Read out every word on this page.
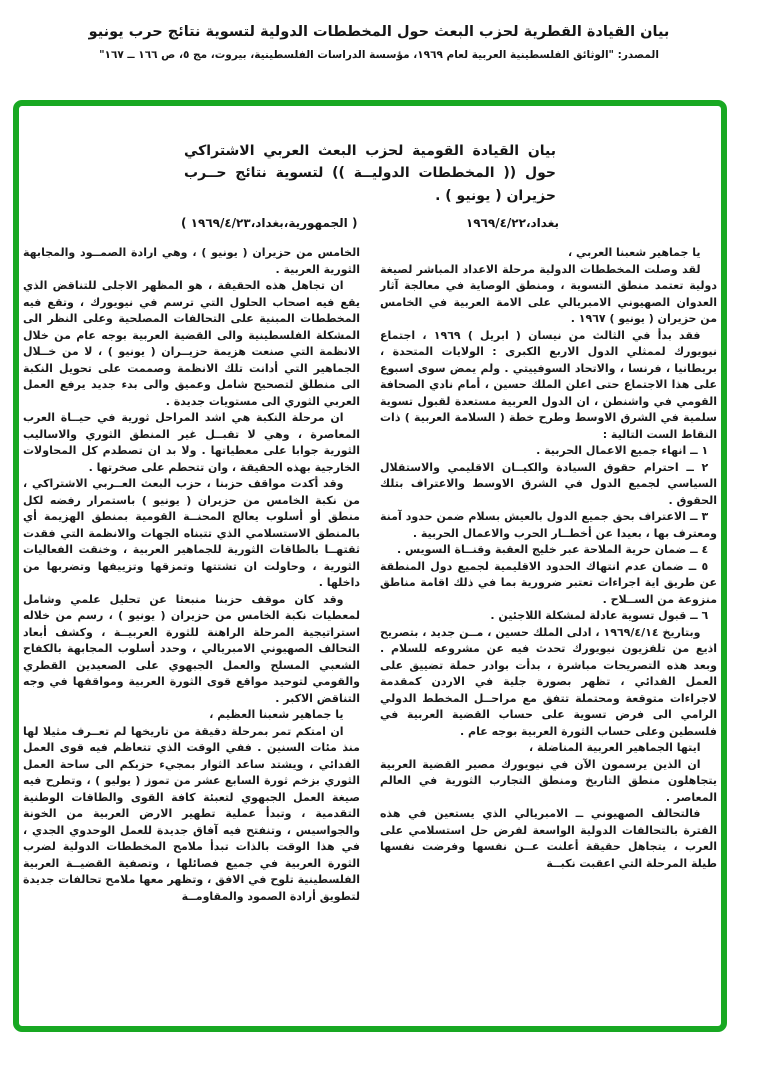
بيان القيادة القطرية لحزب البعث حول المخططات الدولية لتسوية نتائج حرب يونيو
المصدر: "الوثائق الفلسطينية العربية لعام ١٩٦٩، مؤسسة الدراسات الفلسطينية، بيروت، مج ٥، ص ١٦٦ ــ ١٦٧"
بيان القيادة القومية لحزب البعث العربي الاشتراكي حول (( المخططات الدوليــة )) لتسوية نتائج حــرب حزيران ( يونيو ) .
بغداد،١٩٦٩/٤/٢٢
( الجمهورية،بغداد،١٩٦٩/٤/٢٣ )

يا جماهير شعبنا العربي ،

لقد وصلت المخططات الدولية مرحلة الاعداد المباشر لصيغة دولية تعتمد منطق التسوية ، ومنطق الوصاية في معالجة آثار العدوان الصهيوني الامبريالي على الامة العربية في الخامس من حزيران ( يونيو ) ١٩٦٧ .

فقد بدأ في الثالث من نيسان ( ابريل ) ١٩٦٩ ، اجتماع نيويورك لممثلي الدول الاربع الكبرى : الولايات المتحدة ، بريطانيا ، فرنسا ، والاتحاد السوفييتي . ولم يمض سوى اسبوع على هذا الاجتماع حتى اعلن الملك حسين ، أمام نادي الصحافة القومي في واشنطن ، ان الدول العربية مستعدة لقبول تسوية سلمية في الشرق الاوسط وطرح خطة ( السلامة العربية ) ذات النقاط الست التالية :

١ ــ انهاء جميع الاعمال الحربية .

٢ ــ احترام حقوق السيادة والكيــان الاقليمي والاستقلال السياسي لجميع الدول في الشرق الاوسط والاعتراف بتلك الحقوق .

٣ ــ الاعتراف بحق جميع الدول بالعيش بسلام ضمن حدود آمنة ومعترف بها ، بعيدا عن أخطــار الحرب والاعمال الحربية .

٤ ــ ضمان حرية الملاحة عبر خليج العقبة وقنــاة السويس .

٥ ــ ضمان عدم انتهاك الحدود الاقليمية لجميع دول المنطقة عن طريق اية اجراءات تعتبر ضرورية بما في ذلك اقامة مناطق منزوعة من الســلاح .

٦ ــ قبول تسوية عادلة لمشكلة اللاجئين .

وبتاريخ ١٩٦٩/٤/١٤ ، ادلى الملك حسين ، مــن جديد ، بتصريح اذيع من تلفزيون نيويورك تحدث فيه عن مشروعه للسلام . وبعد هذه التصريحات مباشرة ، بدأت بوادر حملة تضييق على العمل الفدائي ، تظهر بصورة جلية في الاردن كمقدمة لاجراءات متوقعة ومحتملة تتفق مع مراحــل المخطط الدولي الرامي الى فرض تسوية على حساب القضية العربية في فلسطين وعلى حساب الثورة العربية بوجه عام .

ايتها الجماهير العربية المناضلة ،

ان الذين يرسمون الآن في نيويورك مصير القضية العربية يتجاهلون منطق التاريخ ومنطق التجارب الثورية في العالم المعاصر .

فالتحالف الصهيوني ــ الامبريالي الذي يستعين في هذه الفترة بالتحالفات الدولية الواسعة لفرض حل استسلامي على العرب ، يتجاهل حقيقة أعلنت عــن نفسها وفرضت نفسها طيلة المرحلة التي اعقبت نكبــة

الخامس من حزيران ( يونيو ) ، وهي ارادة الصمــود والمجابهة الثورية العربية .

ان تجاهل هذه الحقيقة ، هو المظهر الاجلى للتناقض الذي يقع فيه اصحاب الحلول التي ترسم في نيويورك ، وتقع فيه المخططات المبنية على التحالفات المصلحية وعلى النظر الى المشكلة الفلسطينية والى القضية العربية بوجه عام من خلال الانظمة التي صنعت هزيمة حزيــران ( يونيو ) ، لا من خــلال الجماهير التي أدانت تلك الانظمة وصممت على تحويل النكبة الى منطلق لتصحيح شامل وعميق والى بدء جديد يرفع العمل العربي الثوري الى مستويات جديدة .

ان مرحلة النكبة هي اشد المراحل ثورية في حيــاة العرب المعاصرة ، وهي لا تقبــل غير المنطق الثوري والاساليب الثورية جوابا على معطياتها . ولا بد ان تصطدم كل المحاولات الخارجية بهذه الحقيقة ، وان تتحطم على صخرتها .

وقد أكدت مواقف حزبنا ، حزب البعث العــربي الاشتراكي ، من نكبة الخامس من حزيران ( يونيو ) باستمرار رفضه لكل منطق أو أسلوب يعالج المحنــة القومية بمنطق الهزيمة أي بالمنطق الاستسلامي الذي تتبناه الجهات والانظمة التي فقدت ثقتهــا بالطاقات الثورية للجماهير العربية ، وخنقت الفعاليات الثورية ، وحاولت ان تشتتها وتمزقها وتزييفها وتضربها من داخلها .

وقد كان موقف حزبنا منبعثا عن تحليل علمي وشامل لمعطيات نكبة الخامس من حزيران ( يونيو ) ، رسم من خلاله استراتيجية المرحلة الراهنة للثورة العربيــة ، وكشف أبعاد التحالف الصهيوني الامبريالي ، وحدد أسلوب المجابهة بالكفاح الشعبي المسلح والعمل الجبهوي على الصعيدين القطري والقومي لتوحيد مواقع قوى الثورة العربية ومواقفها في وجه التناقض الاكبر .

يا جماهير شعبنا العظيم ،

ان امتكم تمر بمرحلة دقيقة من تاريخها لم تعــرف مثيلا لها منذ مئات السنين . ففي الوقت الذي تتعاظم فيه قوى العمل الفدائي ، ويشتد ساعد الثوار بمجيء حزبكم الى ساحة العمل الثوري بزخم ثورة السابع عشر من تموز ( يوليو ) ، وتطرح فيه صيغة العمل الجبهوي لتعبئة كافة القوى والطاقات الوطنية التقدمية ، وتبدأ عملية تطهير الارض العربية من الخونة والجواسيس ، وتنفتح فيه آفاق جديدة للعمل الوحدوي الجدي ، في هذا الوقت بالذات تبدأ ملامح المخططات الدولية لضرب الثورة العربية في جميع فصائلها ، وتصفية القضيــة العربية الفلسطينية تلوح في الافق ، وتظهر معها ملامح تحالفات جديدة لتطويق أرادة الصمود والمقاومــة
